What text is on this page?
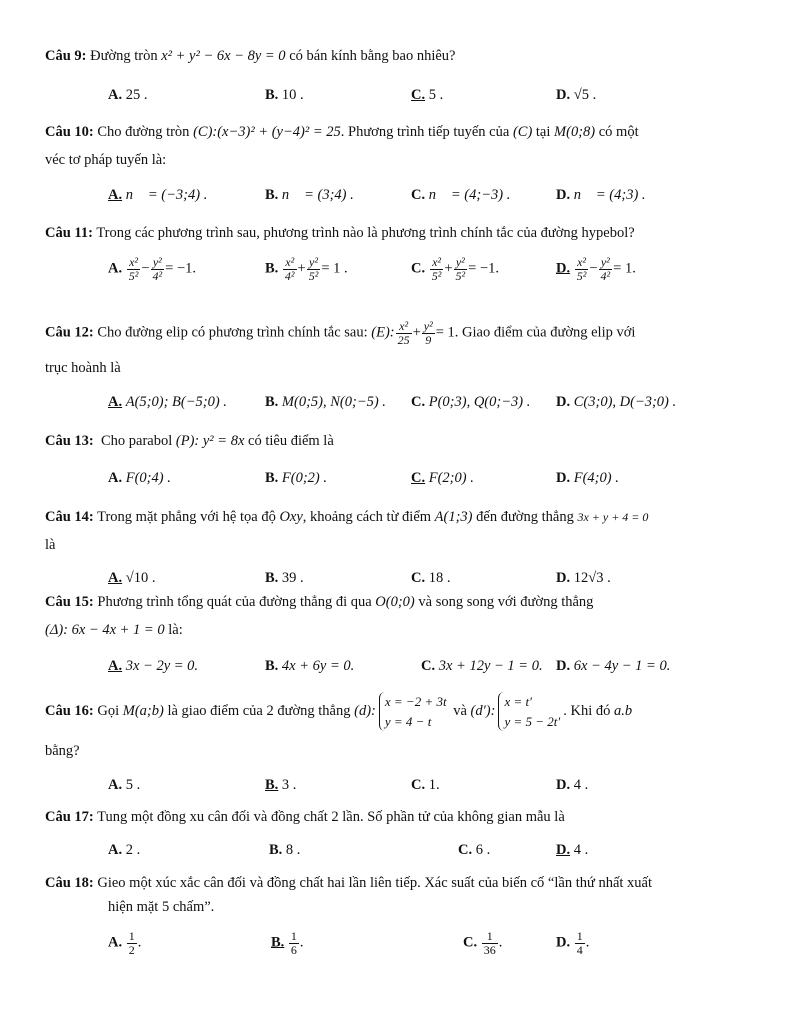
Câu 9: Đường tròn x² + y² − 6x − 8y = 0 có bán kính bằng bao nhiêu?
A. 25 .	B. 10 .	C. 5 .	D. √5 .
Câu 10: Cho đường tròn (C):(x−3)² + (y−4)² = 25. Phương trình tiếp tuyến của (C) tại M(0;8) có một
véc tơ pháp tuyến là:
A. n⃗ = (−3;4) .	B. n⃗ = (3;4) .	C. n⃗ = (4;−3) .	D. n⃗ = (4;3) .
Câu 11: Trong các phương trình sau, phương trình nào là phương trình chính tắc của đường hypebol?
A. $\frac{\text{x²}}{\text{5²}} - \frac{\text{y²}}{\text{4²}} = -1$.	B. $\frac{\text{x²}}{\text{4²}} + \frac{\text{y²}}{\text{5²}} = 1$ .	C. $\frac{\text{x²}}{\text{5²}} + \frac{\text{y²}}{\text{5²}} = -1$.	D. $\frac{\text{x²}}{\text{5²}} - \frac{\text{y²}}{\text{4²}} = 1$.
Câu 12: Cho đường elip có phương trình chính tắc sau: (E): $\frac{\text{x²}}{25} + \frac{\text{y²}}{9} = 1$. Giao điểm của đường elip với
trục hoành là
A. A(5;0); B(−5;0) .	B. M(0;5), N(0;−5) . C. P(0;3), Q(0;−3) . D. C(3;0), D(−3;0) .
Câu 13: Cho parabol (P): y² = 8x có tiêu điểm là
A. F(0;4) .	B. F(0;2) .	C. F(2;0) .	D. F(4;0) .
Câu 14: Trong mặt phẳng với hệ tọa độ Oxy, khoảng cách từ điểm A(1;3) đến đường thẳng 3x + y + 4 = 0
là
A. √10 .	B. 39 .	C. 18 .	D. 12√3 .
Câu 15: Phương trình tổng quát của đường thẳng đi qua O(0;0) và song song với đường thẳng
(Δ): 6x − 4x + 1 = 0 là:
A. 3x − 2y = 0.	B. 4x + 6y = 0.	C. 3x + 12y − 1 = 0. D. 6x − 4y − 1 = 0.
Câu 16: Gọi M(a;b) là giao điểm của 2 đường thẳng (d):
x = −2 + 3t
y = 4 − t
và (d′):
x = t′
y = 5 − 2t′
. Khi đó a.b
bằng?
A. 5 .	B. 3 .	C. 1.	D. 4 .
Câu 17: Tung một đồng xu cân đối và đồng chất 2 lần. Số phần tử của không gian mẫu là
A. 2 .	B. 8 .	C. 6 .	D. 4 .
Câu 18: Gieo một xúc xắc cân đối và đồng chất hai lần liên tiếp. Xác suất của biến cố “lần thứ nhất xuất
hiện mặt 5 chấm”.
A. $\frac{1}{2}$ .	B. $\frac{1}{6}$ .	C. $\frac{1}{36}$ .	D. $\frac{1}{4}$ .
